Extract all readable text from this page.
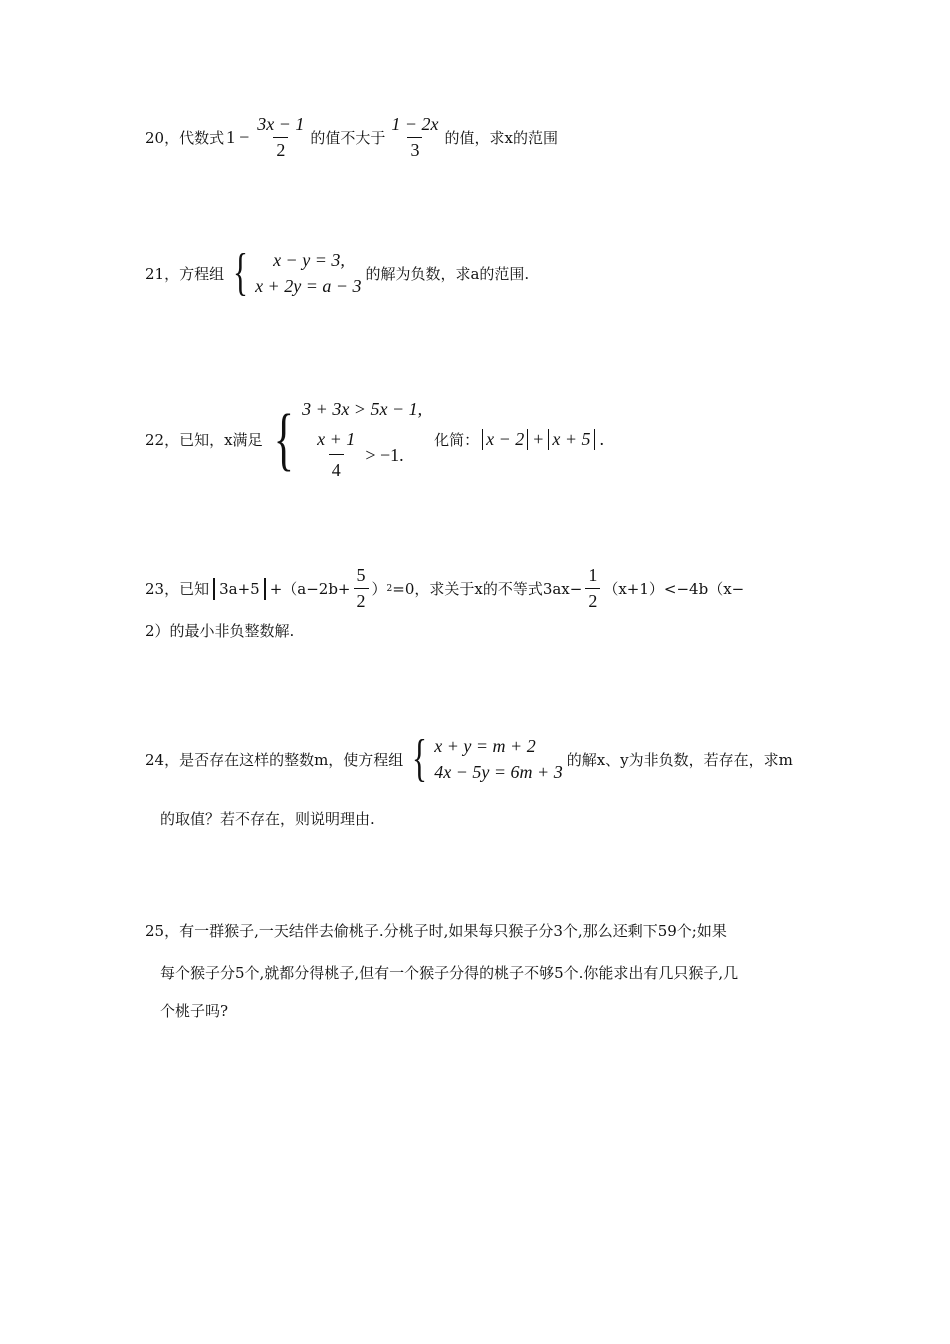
20，代数式 $1 - \frac{3x - 1}{2}$ 的值不大于 $\frac{1 - 2x}{3}$ 的值，求x的范围
21，方程组 {	x − y = 3,
x + 2y = a − 3
的解为负数，求a的范围.
22，已知，x满足 { 3 + 3x > 5x − 1,
$\frac{x + 1}{4} > -1$.
化简： x − 2 + x + 5 .
23，已知 $3a+5 +(a-2b+ \frac{5}{2}$ ） 2 =0，求关于x的不等式$3ax- \frac{1}{2} (x+1)<-4b(x-$
2）的最小非负整数解.
24，是否存在这样的整数m，使方程组 { x + y = m + 2
4x − 5y = 6m + 3
的解x、y为非负数，若存在，求m
的取值？若不存在，则说明理由.
25，有一群猴子,一天结伴去偷桃子.分桃子时,如果每只猴子分3个,那么还剩下59个;如果
每个猴子分5个,就都分得桃子,但有一个猴子分得的桃子不够5个.你能求出有几只猴子,几
个桃子吗?
